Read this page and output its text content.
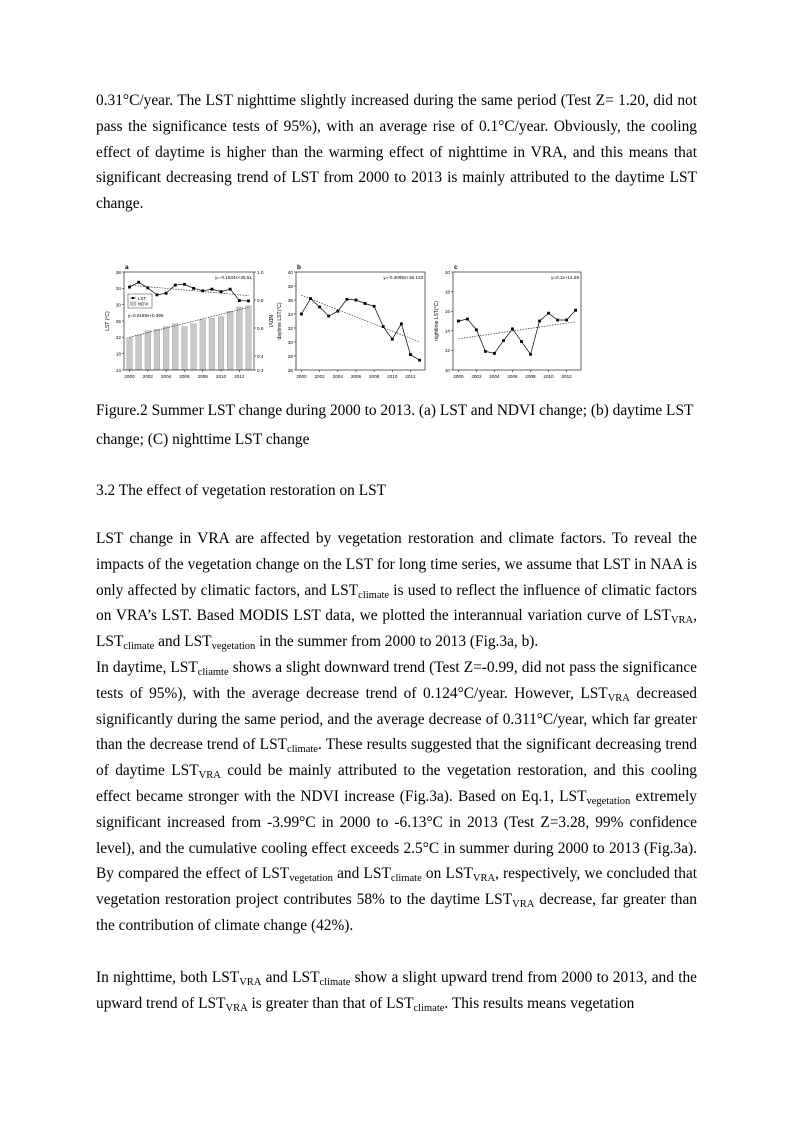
0.31°C/year. The LST nighttime slightly increased during the same period (Test Z= 1.20, did not pass the significance tests of 95%), with an average rise of 0.1°C/year. Obviously, the cooling effect of daytime is higher than the warming effect of nighttime in VRA, and this means that significant decreasing trend of LST from 2000 to 2013 is mainly attributed to the daytime LST change.

a
0.3
0.4
0.6
0.8
1.0
NDVI
14
18
22
26
30
34
38
2000 2002 2004 2006 2008 2010 2012
LST (°C)
y=-0.1634x+35.51
y=0.0189x+0.396
LST
NDVI
b
26
28
30
32
34
36
38
40
2000 2002 2004 2006 2008 2010 2012
daytime LST(°C)
y=-0.3095x+36.133
c
10
12
14
16
18
20
2000 2002 2004 2006 2008 2010 2012
nighttime LST(°C)
y=0.1x+14.59

Figure.2 Summer LST change during 2000 to 2013. (a) LST and NDVI change; (b) daytime LST change; (C) nighttime LST change

3.2 The effect of vegetation restoration on LST

LST change in VRA are affected by vegetation restoration and climate factors. To reveal the impacts of the vegetation change on the LST for long time series, we assume that LST in NAA is only affected by climatic factors, and $LST_{climate}$ is used to reflect the influence of climatic factors on VRA’s LST. Based MODIS LST data, we plotted the interannual variation curve of $LST_{VRA}$, $LST_{climate}$ and $LST_{vegetation}$ in the summer from 2000 to 2013 (Fig.3a, b).

In daytime, $LST_{cliamte}$ shows a slight downward trend (Test Z=-0.99, did not pass the significance tests of 95%), with the average decrease trend of 0.124°C/year. However, $LST_{VRA}$ decreased significantly during the same period, and the average decrease of 0.311°C/year, which far greater than the decrease trend of $LST_{climate}$. These results suggested that the significant decreasing trend of daytime $LST_{VRA}$ could be mainly attributed to the vegetation restoration, and this cooling effect became stronger with the NDVI increase (Fig.3a). Based on Eq.1, $LST_{vegetation}$ extremely significant increased from -3.99°C in 2000 to -6.13°C in 2013 (Test Z=3.28, 99% confidence level), and the cumulative cooling effect exceeds 2.5°C in summer during 2000 to 2013 (Fig.3a). By compared the effect of $LST_{vegetation}$ and $LST_{climate}$ on $LST_{VRA}$, respectively, we concluded that vegetation restoration project contributes 58% to the daytime $LST_{VRA}$ decrease, far greater than the contribution of climate change (42%).

In nighttime, both $LST_{VRA}$ and $LST_{climate}$ show a slight upward trend from 2000 to 2013, and the upward trend of $LST_{VRA}$ is greater than that of $LST_{climate}$. This results means vegetation
